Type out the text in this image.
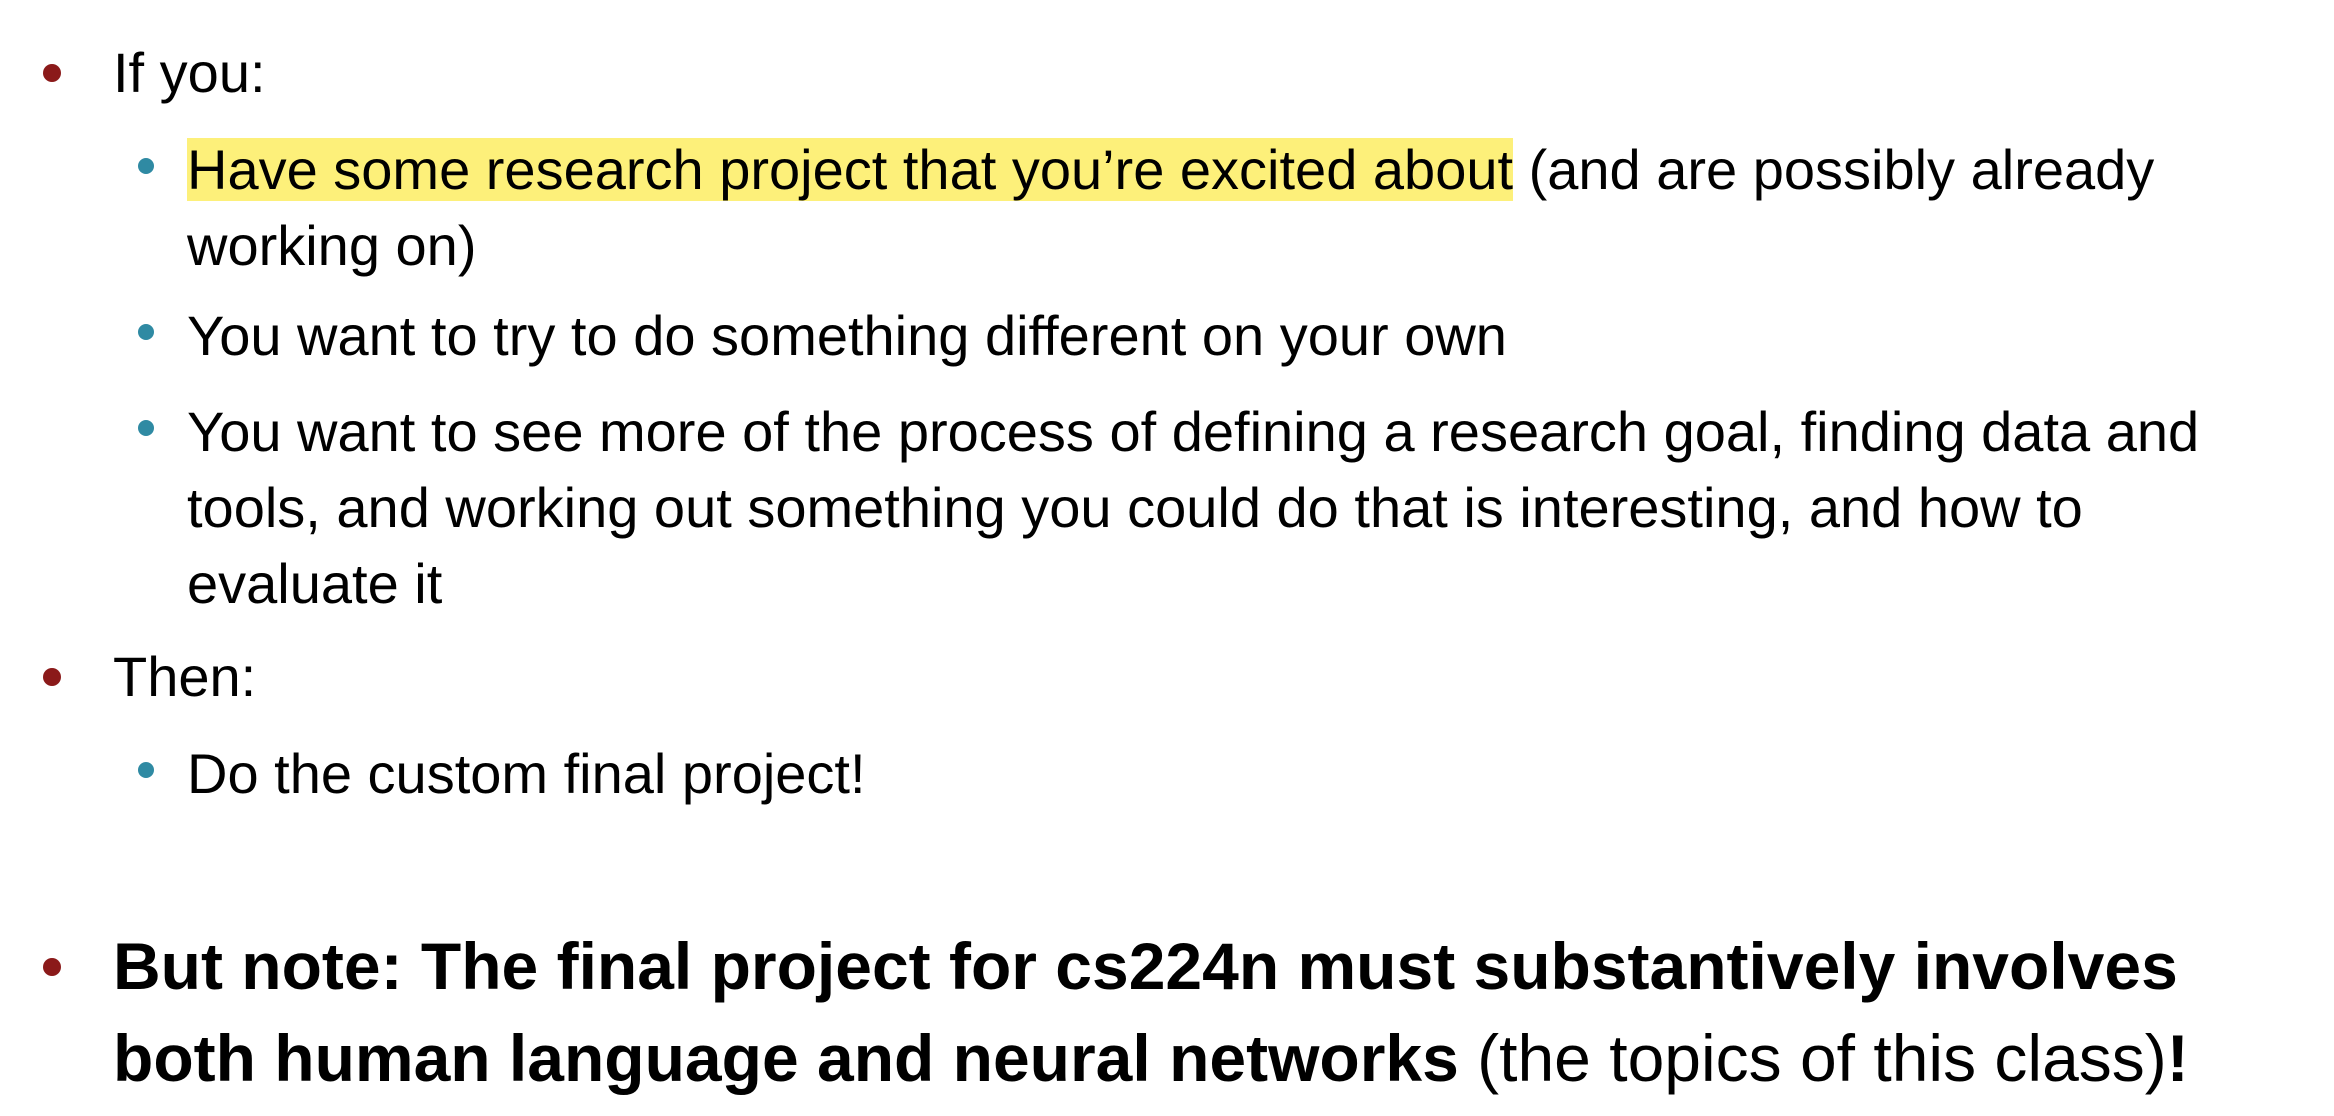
If you:
Have some research project that you’re excited about (and are possibly already
working on)
You want to try to do something different on your own
You want to see more of the process of defining a research goal, finding data and
tools, and working out something you could do that is interesting, and how to
evaluate it
Then:
Do the custom final project!
But note: The final project for cs224n must substantively involves
both human language and neural networks (the topics of this class)!
